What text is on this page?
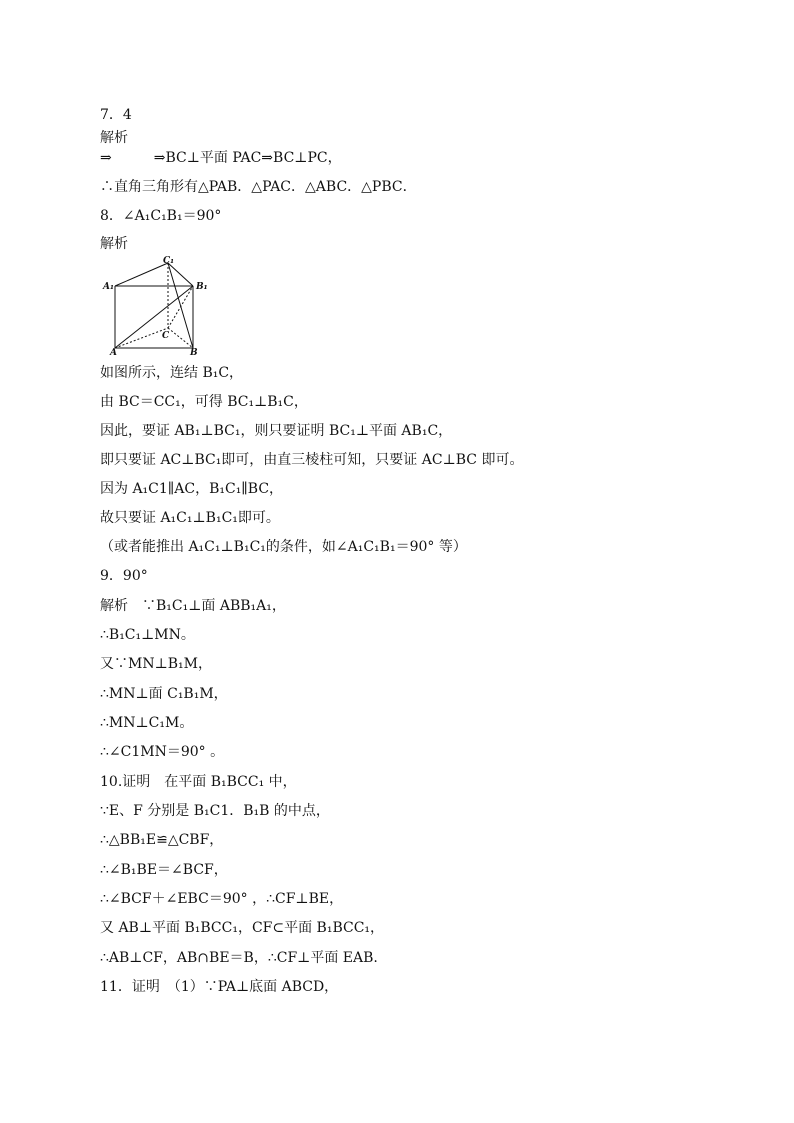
7．4
解析
⇒　　　⇒BC⊥平面 PAC⇒BC⊥PC，
∴直角三角形有△PAB．△PAC．△ABC．△PBC．
8．∠A₁C₁B₁＝90°
解析
A₁	B₁
C₁
A	B
C
如图所示，连结 B₁C，
由 BC＝CC₁，可得 BC₁⊥B₁C，
因此，要证 AB₁⊥BC₁，则只要证明 BC₁⊥平面 AB₁C，
即只要证 AC⊥BC₁即可，由直三棱柱可知，只要证 AC⊥BC 即可。
因为 A₁C1∥AC，B₁C₁∥BC，
故只要证 A₁C₁⊥B₁C₁即可。
（或者能推出 A₁C₁⊥B₁C₁的条件，如∠A₁C₁B₁＝90° 等）
9．90°
解析　∵B₁C₁⊥面 ABB₁A₁，
∴B₁C₁⊥MN。
又∵MN⊥B₁M，
∴MN⊥面 C₁B₁M，
∴MN⊥C₁M。
∴∠C1MN＝90° 。
10.证明　在平面 B₁BCC₁ 中，
∵E、F 分别是 B₁C1．B₁B 的中点，
∴△BB₁E≌△CBF，
∴∠B₁BE＝∠BCF，
∴∠BCF＋∠EBC＝90° ，∴CF⊥BE，
又 AB⊥平面 B₁BCC₁，CF⊂平面 B₁BCC₁，
∴AB⊥CF，AB∩BE＝B，∴CF⊥平面 EAB.
11．证明　（1）∵PA⊥底面 ABCD，
